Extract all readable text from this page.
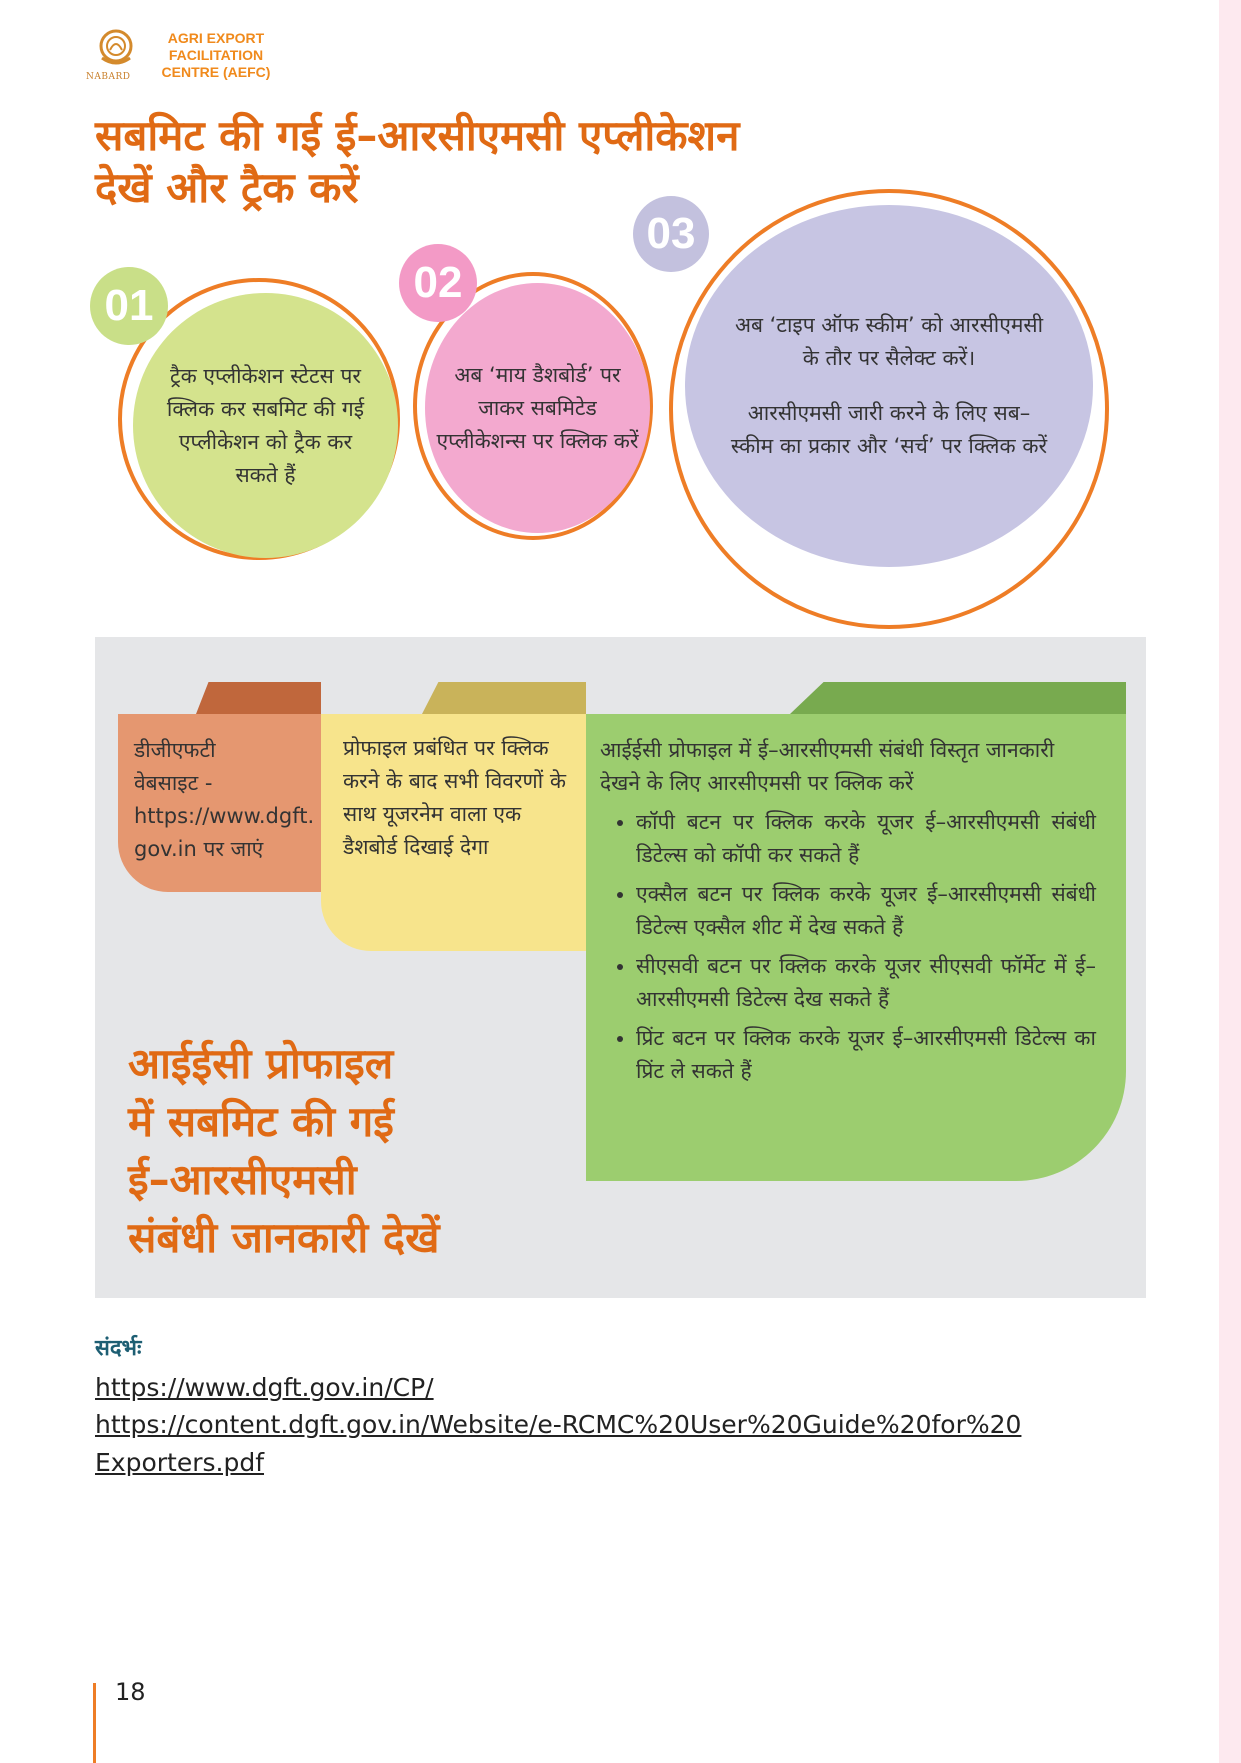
NABARD
AGRI EXPORT
FACILITATION
CENTRE (AEFC)
सबमिट की गई ई–आरसीएमसी एप्लीकेशन
देखें और ट्रैक करें
अब ‘टाइप ऑफ स्कीम’ को आरसीएमसी के तौर पर सैलेक्ट करें।
आरसीएमसी जारी करने के लिए सब–स्कीम का प्रकार और ‘सर्च’ पर क्लिक करें
03
ट्रैक एप्लीकेशन स्टेटस पर क्लिक कर सबमिट की गई एप्लीकेशन को ट्रैक कर सकते हैं
01
अब ‘माय डैशबोर्ड’ पर जाकर सबमिटेड एप्लीकेशन्स पर क्लिक करें
02
डीजीएफटी
वेबसाइट -
https://www.dgft.
gov.in पर जाएं
प्रोफाइल प्रबंधित पर क्लिक करने के बाद सभी विवरणों के साथ यूजरनेम वाला एक डैशबोर्ड दिखाई देगा
आईईसी प्रोफाइल में ई–आरसीएमसी संबंधी विस्तृत जानकारी देखने के लिए आरसीएमसी पर क्लिक करें
• कॉपी बटन पर क्लिक करके यूजर ई–आरसीएमसी संबंधी डिटेल्स को कॉपी कर सकते हैं
• एक्सैल बटन पर क्लिक करके यूजर ई–आरसीएमसी संबंधी डिटेल्स एक्सैल शीट में देख सकते हैं
• सीएसवी बटन पर क्लिक करके यूजर सीएसवी फॉर्मेट में ई–आरसीएमसी डिटेल्स देख सकते हैं
• प्रिंट बटन पर क्लिक करके यूजर ई–आरसीएमसी डिटेल्स का प्रिंट ले सकते हैं
आईईसी प्रोफाइल
में सबमिट की गई
ई–आरसीएमसी
संबंधी जानकारी देखें
संदर्भः
https://www.dgft.gov.in/CP/
https://content.dgft.gov.in/Website/e-RCMC%20User%20Guide%20for%20
Exporters.pdf
18
